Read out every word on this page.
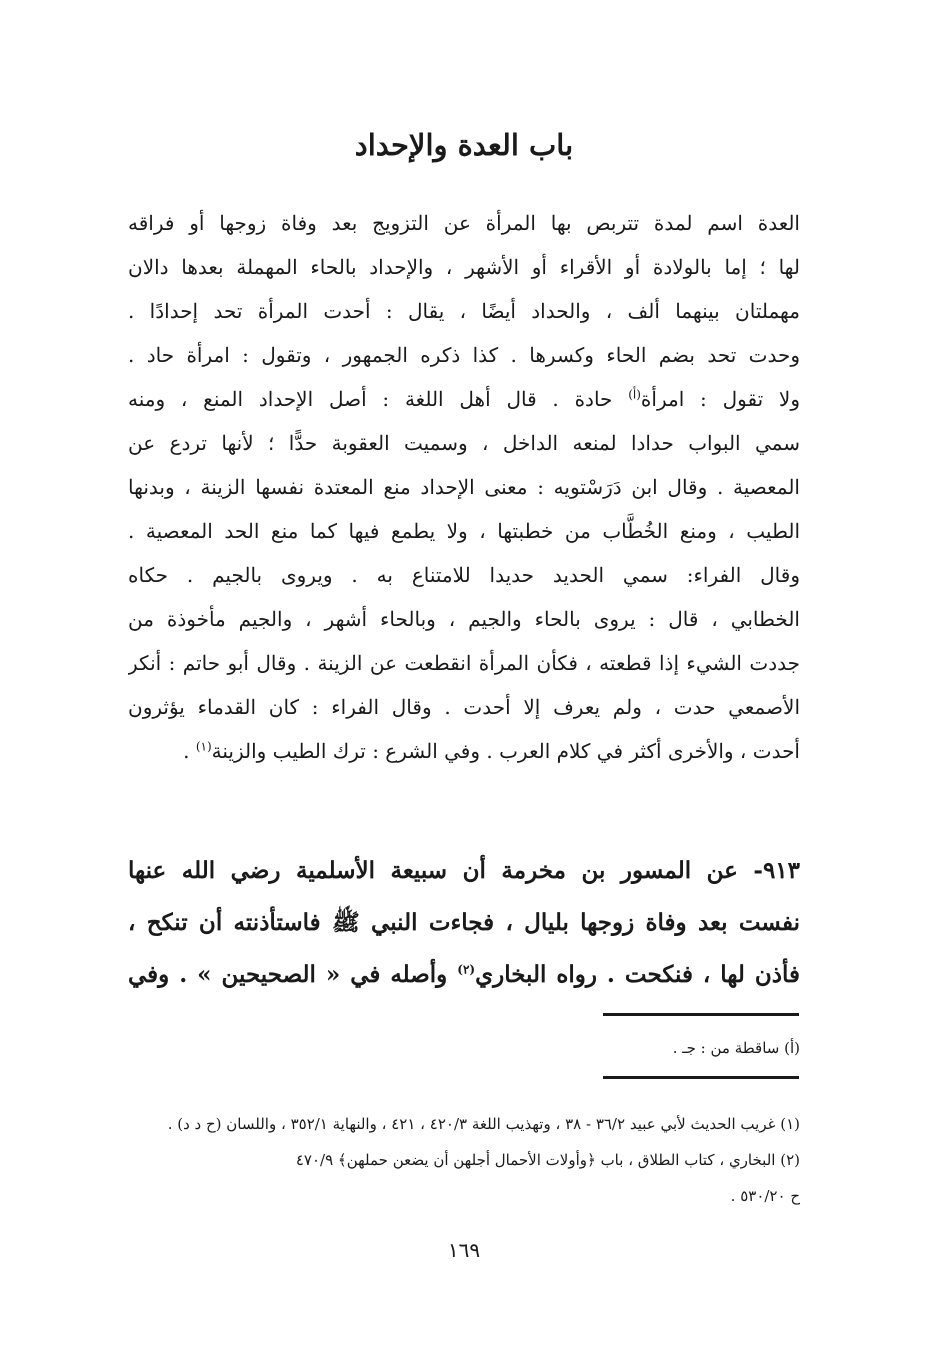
باب العدة والإحداد
العدة اسم لمدة تتربص بها المرأة عن التزويج بعد وفاة زوجها أو فراقه
لها ؛ إما بالولادة أو الأقراء أو الأشهر ، والإحداد بالحاء المهملة بعدها دالان
مهملتان بينهما ألف ، والحداد أيضًا ، يقال : أحدت المرأة تحد إحدادًا .
وحدت تحد بضم الحاء وكسرها . كذا ذكره الجمهور ، وتقول : امرأة حاد .
ولا تقول : امرأة$^{(أ)}$ حادة . قال أهل اللغة : أصل الإحداد المنع ، ومنه
سمي البواب حدادا لمنعه الداخل ، وسميت العقوبة حدًّا ؛ لأنها تردع عن
المعصية . وقال ابن دَرَسْتويه : معنى الإحداد منع المعتدة نفسها الزينة ، وبدنها
الطيب ، ومنع الخُطَّاب من خطبتها ، ولا يطمع فيها كما منع الحد المعصية .
وقال الفراء: سمي الحديد حديدا للامتناع به . ويروى بالجيم . حكاه
الخطابي ، قال : يروى بالحاء والجيم ، وبالحاء أشهر ، والجيم مأخوذة من
جددت الشيء إذا قطعته ، فكأن المرأة انقطعت عن الزينة . وقال أبو حاتم : أنكر
الأصمعي حدت ، ولم يعرف إلا أحدت . وقال الفراء : كان القدماء يؤثرون
أحدت ، والأخرى أكثر في كلام العرب . وفي الشرع : ترك الطيب والزينة$^{(١)}$ .
٩١٣- عن المسور بن مخرمة أن سبيعة الأسلمية رضي الله عنها
نفست بعد وفاة زوجها بليال ، فجاءت النبي ﷺ فاستأذنته أن تنكح ،
فأذن لها ، فنكحت . رواه البخاري$^{(٢)}$ وأصله في « الصحيحين » . وفي
(أ) ساقطة من : جـ .
(١) غريب الحديث لأبي عبيد ٣٦/٢ - ٣٨ ، وتهذيب اللغة ٤٢٠/٣ ، ٤٢١ ، والنهاية ٣٥٢/١ ، واللسان (ح د د) .
(٢) البخاري ، كتاب الطلاق ، باب ﴿وأولات الأحمال أجلهن أن يضعن حملهن﴾ ٤٧٠/٩
ح ٥٣٠/٢٠ .
١٦٩
